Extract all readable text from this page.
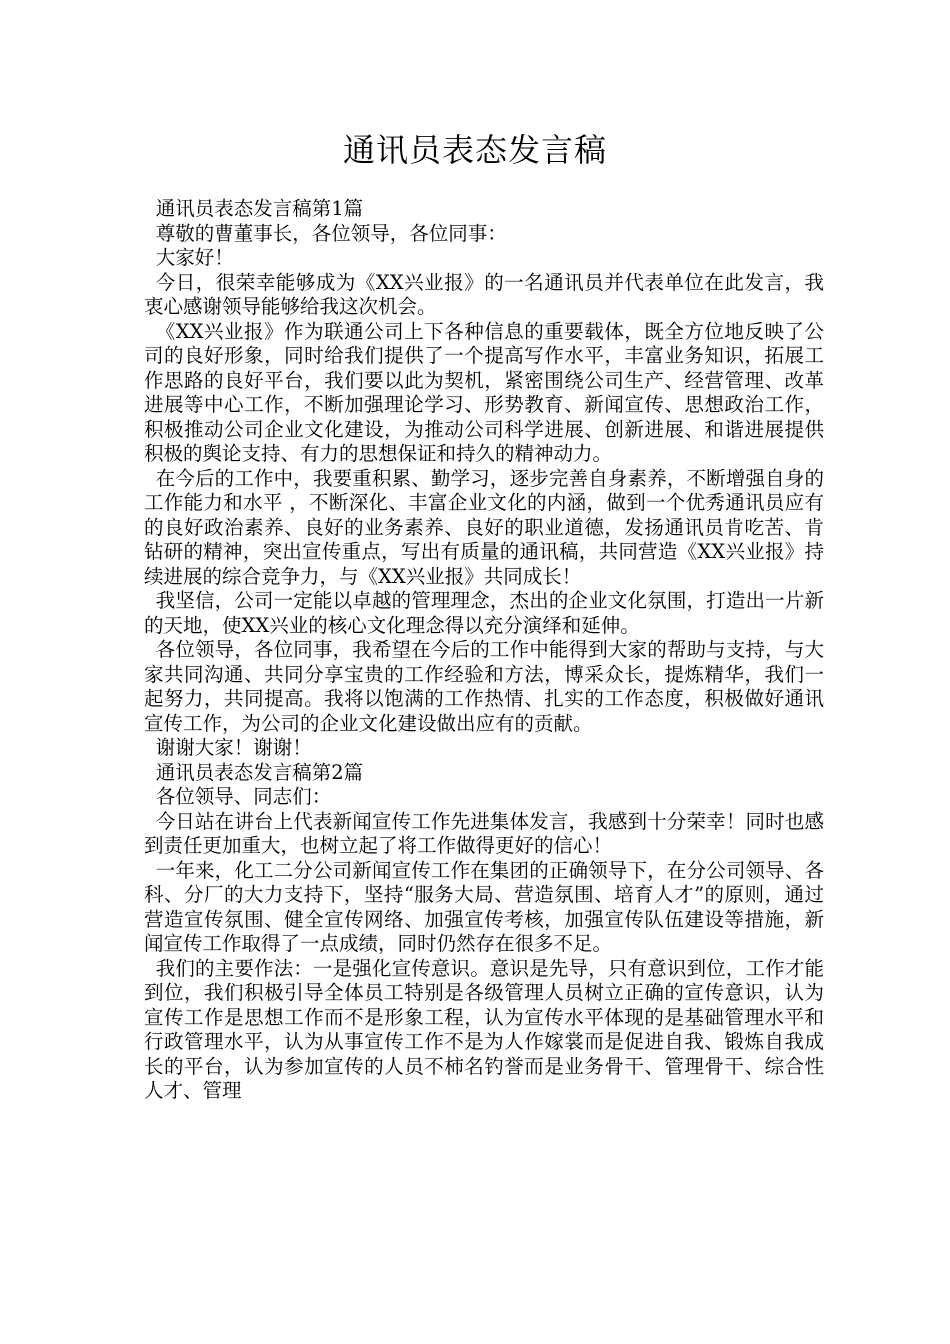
通讯员表态发言稿

通讯员表态发言稿第1篇

尊敬的曹董事长，各位领导，各位同事：

大家好！

今日，很荣幸能够成为《XX兴业报》的一名通讯员并代表单位在此发言，我衷心感谢领导能够给我这次机会。

《XX兴业报》作为联通公司上下各种信息的重要载体，既全方位地反映了公司的良好形象，同时给我们提供了一个提高写作水平，丰富业务知识，拓展工作思路的良好平台，我们要以此为契机，紧密围绕公司生产、经营管理、改革进展等中心工作，不断加强理论学习、形势教育、新闻宣传、思想政治工作，积极推动公司企业文化建设，为推动公司科学进展、创新进展、和谐进展提供积极的舆论支持、有力的思想保证和持久的精神动力。

在今后的工作中，我要重积累、勤学习，逐步完善自身素养，不断增强自身的工作能力和水平 ，不断深化、丰富企业文化的内涵，做到一个优秀通讯员应有的良好政治素养、良好的业务素养、良好的职业道德，发扬通讯员肯吃苦、肯钻研的精神，突出宣传重点，写出有质量的通讯稿，共同营造《XX兴业报》持续进展的综合竞争力，与《XX兴业报》共同成长！

我坚信，公司一定能以卓越的管理理念，杰出的企业文化氛围，打造出一片新的天地，使XX兴业的核心文化理念得以充分演绎和延伸。

各位领导，各位同事，我希望在今后的工作中能得到大家的帮助与支持，与大家共同沟通、共同分享宝贵的工作经验和方法，博采众长，提炼精华，我们一起努力，共同提高。我将以饱满的工作热情、扎实的工作态度，积极做好通讯宣传工作，为公司的企业文化建设做出应有的贡献。

谢谢大家！谢谢！

通讯员表态发言稿第2篇

各位领导、同志们：

今日站在讲台上代表新闻宣传工作先进集体发言，我感到十分荣幸！同时也感到责任更加重大，也树立起了将工作做得更好的信心！

一年来，化工二分公司新闻宣传工作在集团的正确领导下，在分公司领导、各科、分厂的大力支持下，坚持“服务大局、营造氛围、培育人才”的原则，通过营造宣传氛围、健全宣传网络、加强宣传考核，加强宣传队伍建设等措施，新闻宣传工作取得了一点成绩，同时仍然存在很多不足。

我们的主要作法：一是强化宣传意识。意识是先导，只有意识到位，工作才能到位，我们积极引导全体员工特别是各级管理人员树立正确的宣传意识，认为宣传工作是思想工作而不是形象工程，认为宣传水平体现的是基础管理水平和行政管理水平，认为从事宣传工作不是为人作嫁裳而是促进自我、锻炼自我成长的平台，认为参加宣传的人员不柿名钓誉而是业务骨干、管理骨干、综合性人才、管理
